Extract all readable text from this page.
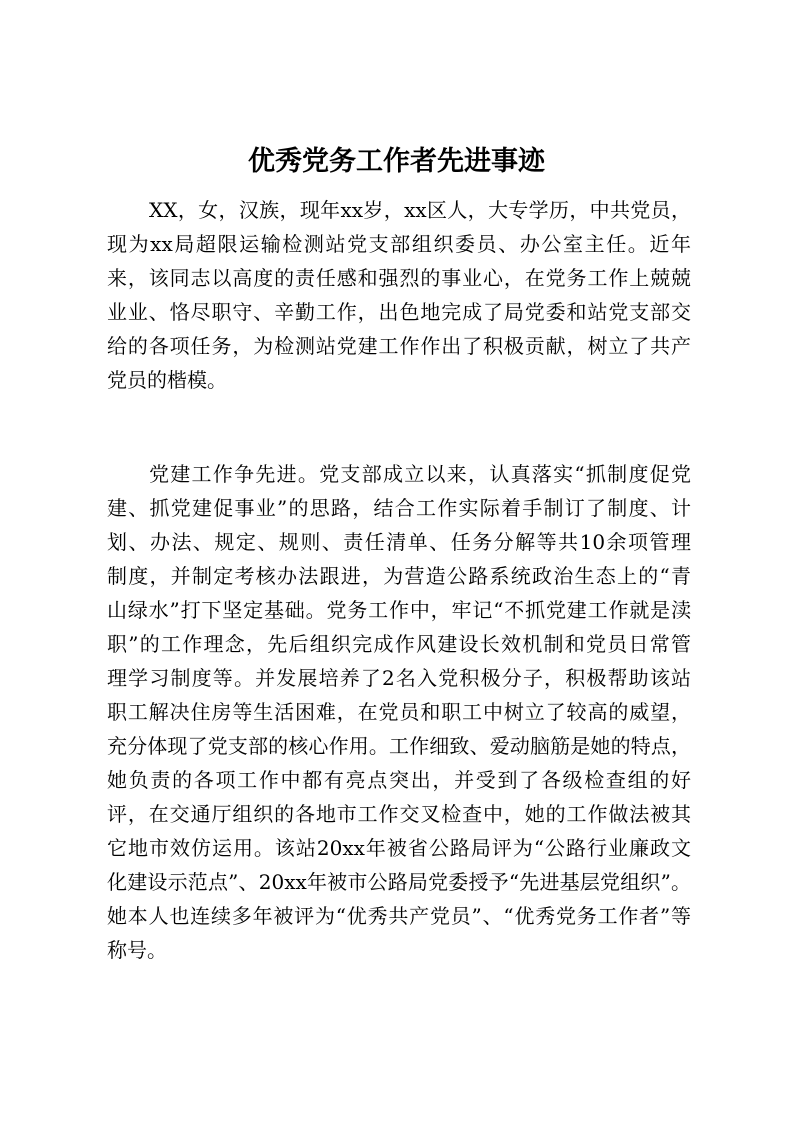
优秀党务工作者先进事迹
XX，女，汉族，现年xx岁，xx区人，大专学历，中共党员，
现为xx局超限运输检测站党支部组织委员、办公室主任。近年
来，该同志以高度的责任感和强烈的事业心，在党务工作上兢兢
业业、恪尽职守、辛勤工作，出色地完成了局党委和站党支部交
给的各项任务，为检测站党建工作作出了积极贡献，树立了共产
党员的楷模。
党建工作争先进。党支部成立以来，认真落实“抓制度促党
建、抓党建促事业”的思路，结合工作实际着手制订了制度、计
划、办法、规定、规则、责任清单、任务分解等共10余项管理
制度，并制定考核办法跟进，为营造公路系统政治生态上的“青
山绿水”打下坚定基础。党务工作中，牢记“不抓党建工作就是渎
职”的工作理念，先后组织完成作风建设长效机制和党员日常管
理学习制度等。并发展培养了2名入党积极分子，积极帮助该站
职工解决住房等生活困难，在党员和职工中树立了较高的威望，
充分体现了党支部的核心作用。工作细致、爱动脑筋是她的特点，
她负责的各项工作中都有亮点突出，并受到了各级检查组的好
评，在交通厅组织的各地市工作交叉检查中，她的工作做法被其
它地市效仿运用。该站20xx年被省公路局评为“公路行业廉政文
化建设示范点”、20xx年被市公路局党委授予“先进基层党组织”。
她本人也连续多年被评为“优秀共产党员”、“优秀党务工作者”等
称号。
